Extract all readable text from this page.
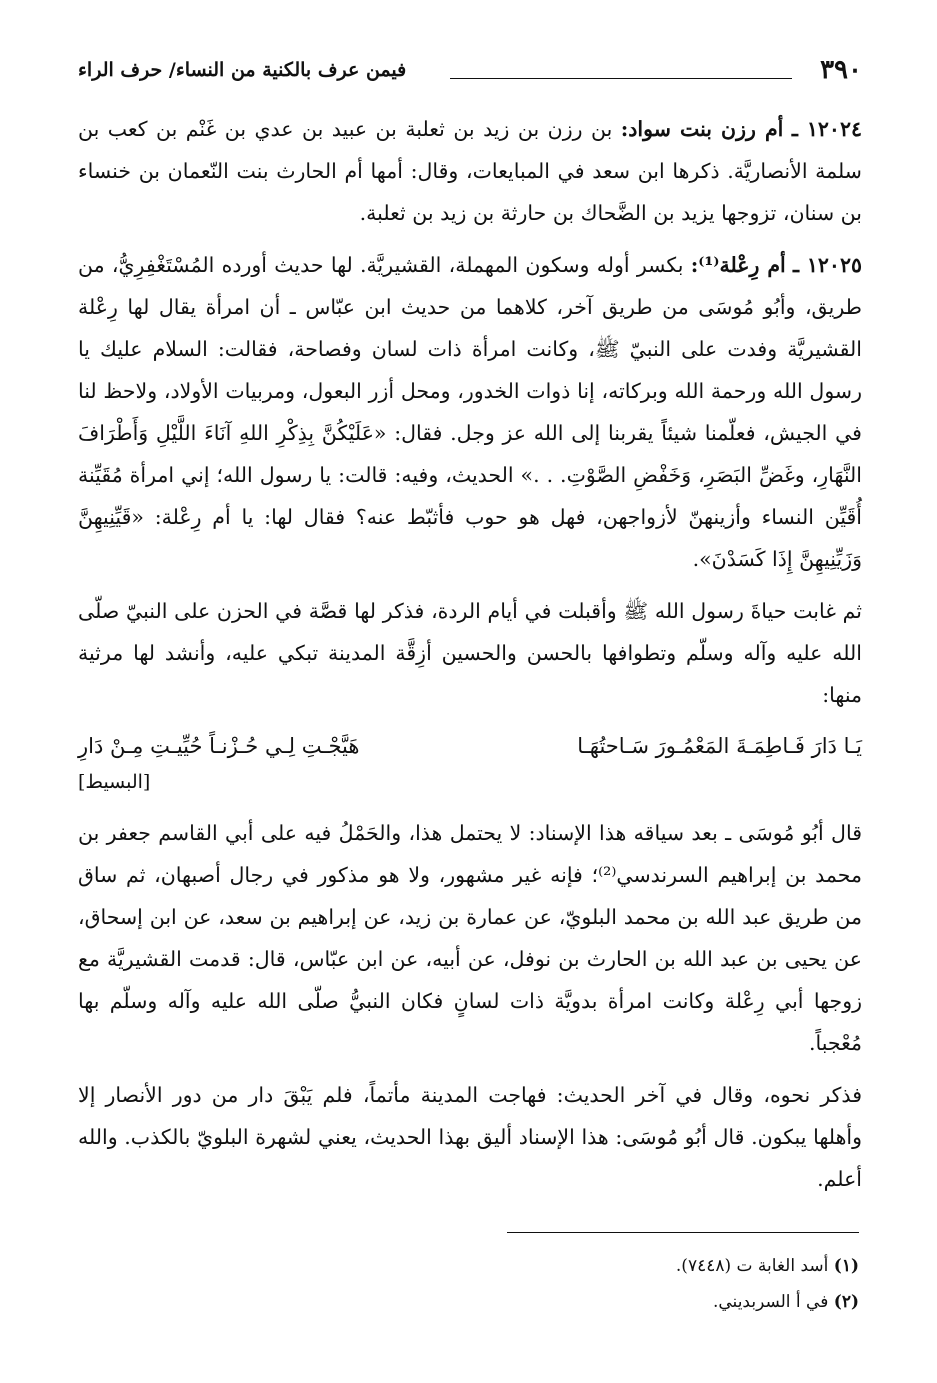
٣٩٠
فيمن عرف بالكنية من النساء/ حرف الراء

١٢٠٢٤ ـ أم رزن بنت سواد: بن رزن بن زيد بن ثعلبة بن عبيد بن عدي بن غَنْم بن كعب بن سلمة الأنصاريَّة. ذكرها ابن سعد في المبايعات، وقال: أمها أم الحارث بنت النّعمان بن خنساء بن سنان، تزوجها يزيد بن الضَّحاك بن حارثة بن زيد بن ثعلبة.

١٢٠٢٥ ـ أم رِعْلة⁽¹⁾: بكسر أوله وسكون المهملة، القشيريَّة. لها حديث أورده المُسْتَغْفِرِيُّ، من طريق، وأبُو مُوسَى من طريق آخر، كلاهما من حديث ابن عبّاس ـ أن امرأة يقال لها رِعْلة القشيريَّة وفدت على النبيّ ﷺ، وكانت امرأة ذات لسان وفصاحة، فقالت: السلام عليك يا رسول الله ورحمة الله وبركاته، إنا ذوات الخدور، ومحل أزر البعول، ومربيات الأولاد، ولاحظ لنا في الجيش، فعلّمنا شيئاً يقربنا إلى الله عز وجل. فقال: «عَلَيْكُنَّ بِذِكْرِ اللهِ آنَاءَ اللَّيْلِ وَأَطْرَافَ النَّهَارِ، وغَضِّ البَصَرِ، وَخَفْضِ الصَّوْتِ. . .» الحديث، وفيه: قالت: يا رسول الله؛ إني امرأة مُقَيِّنة أُقَيِّن النساء وأزينهنّ لأزواجهن، فهل هو حوب فأثبّط عنه؟ فقال لها: يا أم رِعْلة: «قَيِّنِيهِنَّ وَزَيِّنِيهِنَّ إِذَا كَسَدْنَ».

ثم غابت حياةَ رسول الله ﷺ وأقبلت في أيام الردة، فذكر لها قصَّة في الحزن على النبيّ صلّى الله عليه وآله وسلّم وتطوافها بالحسن والحسين أزِقَّة المدينة تبكي عليه، وأنشد لها مرثية منها:

يَـا دَارَ فَـاطِمَـةَ المَعْمُـورَ سَـاحتُهَـا
هَيَّجْـتِ لِـي حُـزْنـاً حُيِّيـتِ مِـنْ دَارِ
[البسيط]

قال أبُو مُوسَى ـ بعد سياقه هذا الإسناد: لا يحتمل هذا، والحَمْلُ فيه على أبي القاسم جعفر بن محمد بن إبراهيم السرندسي⁽²⁾؛ فإنه غير مشهور، ولا هو مذكور في رجال أصبهان، ثم ساق من طريق عبد الله بن محمد البلويّ، عن عمارة بن زيد، عن إبراهيم بن سعد، عن ابن إسحاق، عن يحيى بن عبد الله بن الحارث بن نوفل، عن أبيه، عن ابن عبّاس، قال: قدمت القشيريَّة مع زوجها أبي رِعْلة وكانت امرأة بدويَّة ذات لسانٍ فكان النبيُّ صلّى الله عليه وآله وسلّم بها مُعْجباً.

فذكر نحوه، وقال في آخر الحديث: فهاجت المدينة مأتماً، فلم يَبْقَ دار من دور الأنصار إلا وأهلها يبكون. قال أبُو مُوسَى: هذا الإسناد أليق بهذا الحديث، يعني لشهرة البلويّ بالكذب. والله أعلم.

(١) أسد الغابة ت (٧٤٤٨).

(٢) في أ السربديني.
